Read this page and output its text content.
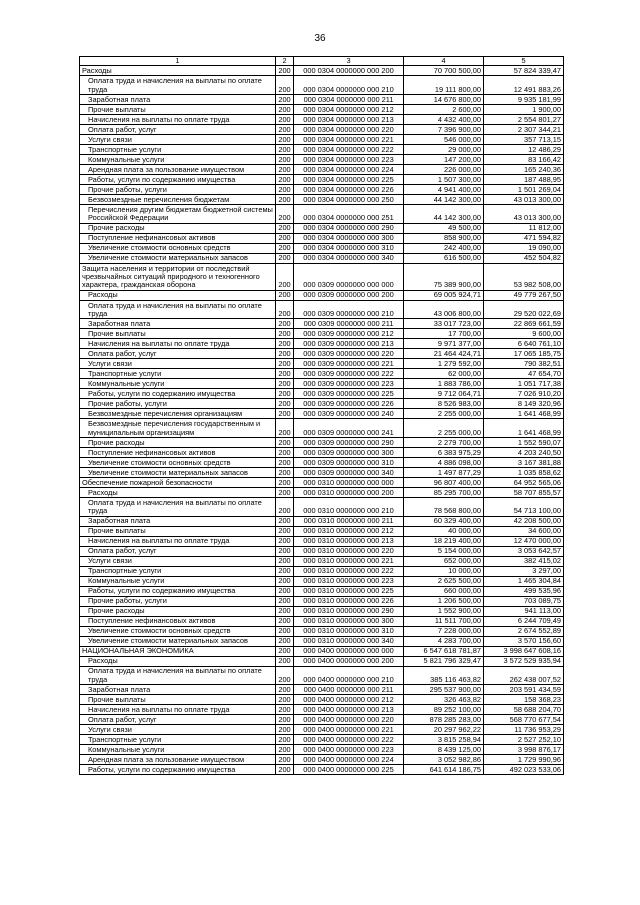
36
1	2	3	4	5
Расходы	200	000 0304 0000000 000 200	70 700 500,00	57 824 339,47
Оплата труда и начисления на выплаты по оплате труда	200	000 0304 0000000 000 210	19 111 800,00	12 491 883,26
Заработная плата	200	000 0304 0000000 000 211	14 676 800,00	9 935 181,99
Прочие выплаты	200	000 0304 0000000 000 212	2 600,00	1 900,00
Начисления на выплаты по оплате труда	200	000 0304 0000000 000 213	4 432 400,00	2 554 801,27
Оплата работ, услуг	200	000 0304 0000000 000 220	7 396 900,00	2 307 344,21
Услуги связи	200	000 0304 0000000 000 221	546 000,00	357 713,15
Транспортные услуги	200	000 0304 0000000 000 222	29 000,00	12 486,29
Коммунальные услуги	200	000 0304 0000000 000 223	147 200,00	83 166,42
Арендная плата за пользование имуществом	200	000 0304 0000000 000 224	226 000,00	165 240,36
Работы, услуги по содержанию имущества	200	000 0304 0000000 000 225	1 507 300,00	187 488,95
Прочие работы, услуги	200	000 0304 0000000 000 226	4 941 400,00	1 501 269,04
Безвозмездные перечисления бюджетам	200	000 0304 0000000 000 250	44 142 300,00	43 013 300,00
Перечисления другим бюджетам бюджетной системы Российской Федерации	200	000 0304 0000000 000 251	44 142 300,00	43 013 300,00
Прочие расходы	200	000 0304 0000000 000 290	49 500,00	11 812,00
Поступление нефинансовых активов	200	000 0304 0000000 000 300	858 900,00	471 594,82
Увеличение стоимости основных средств	200	000 0304 0000000 000 310	242 400,00	19 090,00
Увеличение стоимости материальных запасов	200	000 0304 0000000 000 340	616 500,00	452 504,82
Защита населения и территории от последствий чрезвычайных ситуаций природного и техногенного характера, гражданская оборона	200	000 0309 0000000 000 000	75 389 900,00	53 982 508,00
Расходы	200	000 0309 0000000 000 200	69 005 924,71	49 779 267,50
Оплата труда и начисления на выплаты по оплате труда	200	000 0309 0000000 000 210	43 006 800,00	29 520 022,69
Заработная плата	200	000 0309 0000000 000 211	33 017 723,00	22 869 661,59
Прочие выплаты	200	000 0309 0000000 000 212	17 700,00	9 600,00
Начисления на выплаты по оплате труда	200	000 0309 0000000 000 213	9 971 377,00	6 640 761,10
Оплата работ, услуг	200	000 0309 0000000 000 220	21 464 424,71	17 065 185,75
Услуги связи	200	000 0309 0000000 000 221	1 279 592,00	790 382,51
Транспортные услуги	200	000 0309 0000000 000 222	62 000,00	47 654,70
Коммунальные услуги	200	000 0309 0000000 000 223	1 883 786,00	1 051 717,38
Работы, услуги по содержанию имущества	200	000 0309 0000000 000 225	9 712 064,71	7 026 910,20
Прочие работы, услуги	200	000 0309 0000000 000 226	8 526 983,00	8 149 320,96
Безвозмездные перечисления организациям	200	000 0309 0000000 000 240	2 255 000,00	1 641 468,99
Безвозмездные перечисления государственным и муниципальным организациям	200	000 0309 0000000 000 241	2 255 000,00	1 641 468,99
Прочие расходы	200	000 0309 0000000 000 290	2 279 700,00	1 552 590,07
Поступление нефинансовых активов	200	000 0309 0000000 000 300	6 383 975,29	4 203 240,50
Увеличение стоимости основных средств	200	000 0309 0000000 000 310	4 886 098,00	3 167 381,88
Увеличение стоимости материальных запасов	200	000 0309 0000000 000 340	1 497 877,29	1 035 858,62
Обеспечение пожарной безопасности	200	000 0310 0000000 000 000	96 807 400,00	64 952 565,06
Расходы	200	000 0310 0000000 000 200	85 295 700,00	58 707 855,57
Оплата труда и начисления на выплаты по оплате труда	200	000 0310 0000000 000 210	78 568 800,00	54 713 100,00
Заработная плата	200	000 0310 0000000 000 211	60 329 400,00	42 208 500,00
Прочие выплаты	200	000 0310 0000000 000 212	40 000,00	34 600,00
Начисления на выплаты по оплате труда	200	000 0310 0000000 000 213	18 219 400,00	12 470 000,00
Оплата работ, услуг	200	000 0310 0000000 000 220	5 154 000,00	3 053 642,57
Услуги связи	200	000 0310 0000000 000 221	652 000,00	382 415,02
Транспортные услуги	200	000 0310 0000000 000 222	10 000,00	3 297,00
Коммунальные услуги	200	000 0310 0000000 000 223	2 625 500,00	1 465 304,84
Работы, услуги по содержанию имущества	200	000 0310 0000000 000 225	660 000,00	499 535,96
Прочие работы, услуги	200	000 0310 0000000 000 226	1 206 500,00	703 089,75
Прочие расходы	200	000 0310 0000000 000 290	1 552 900,00	941 113,00
Поступление нефинансовых активов	200	000 0310 0000000 000 300	11 511 700,00	6 244 709,49
Увеличение стоимости основных средств	200	000 0310 0000000 000 310	7 228 000,00	2 674 552,89
Увеличение стоимости материальных запасов	200	000 0310 0000000 000 340	4 283 700,00	3 570 156,60
НАЦИОНАЛЬНАЯ ЭКОНОМИКА	200	000 0400 0000000 000 000	6 547 618 781,87	3 998 647 608,16
Расходы	200	000 0400 0000000 000 200	5 821 796 329,47	3 572 529 935,94
Оплата труда и начисления на выплаты по оплате труда	200	000 0400 0000000 000 210	385 116 463,82	262 438 007,52
Заработная плата	200	000 0400 0000000 000 211	295 537 900,00	203 591 434,59
Прочие выплаты	200	000 0400 0000000 000 212	326 463,82	158 368,23
Начисления на выплаты по оплате труда	200	000 0400 0000000 000 213	89 252 100,00	58 688 204,70
Оплата работ, услуг	200	000 0400 0000000 000 220	878 285 283,00	568 770 677,54
Услуги связи	200	000 0400 0000000 000 221	20 297 962,22	11 736 953,29
Транспортные услуги	200	000 0400 0000000 000 222	3 815 258,94	2 527 252,10
Коммунальные услуги	200	000 0400 0000000 000 223	8 439 125,00	3 998 876,17
Арендная плата за пользование имуществом	200	000 0400 0000000 000 224	3 052 982,86	1 729 990,96
Работы, услуги по содержанию имущества	200	000 0400 0000000 000 225	641 614 186,75	492 023 533,06
